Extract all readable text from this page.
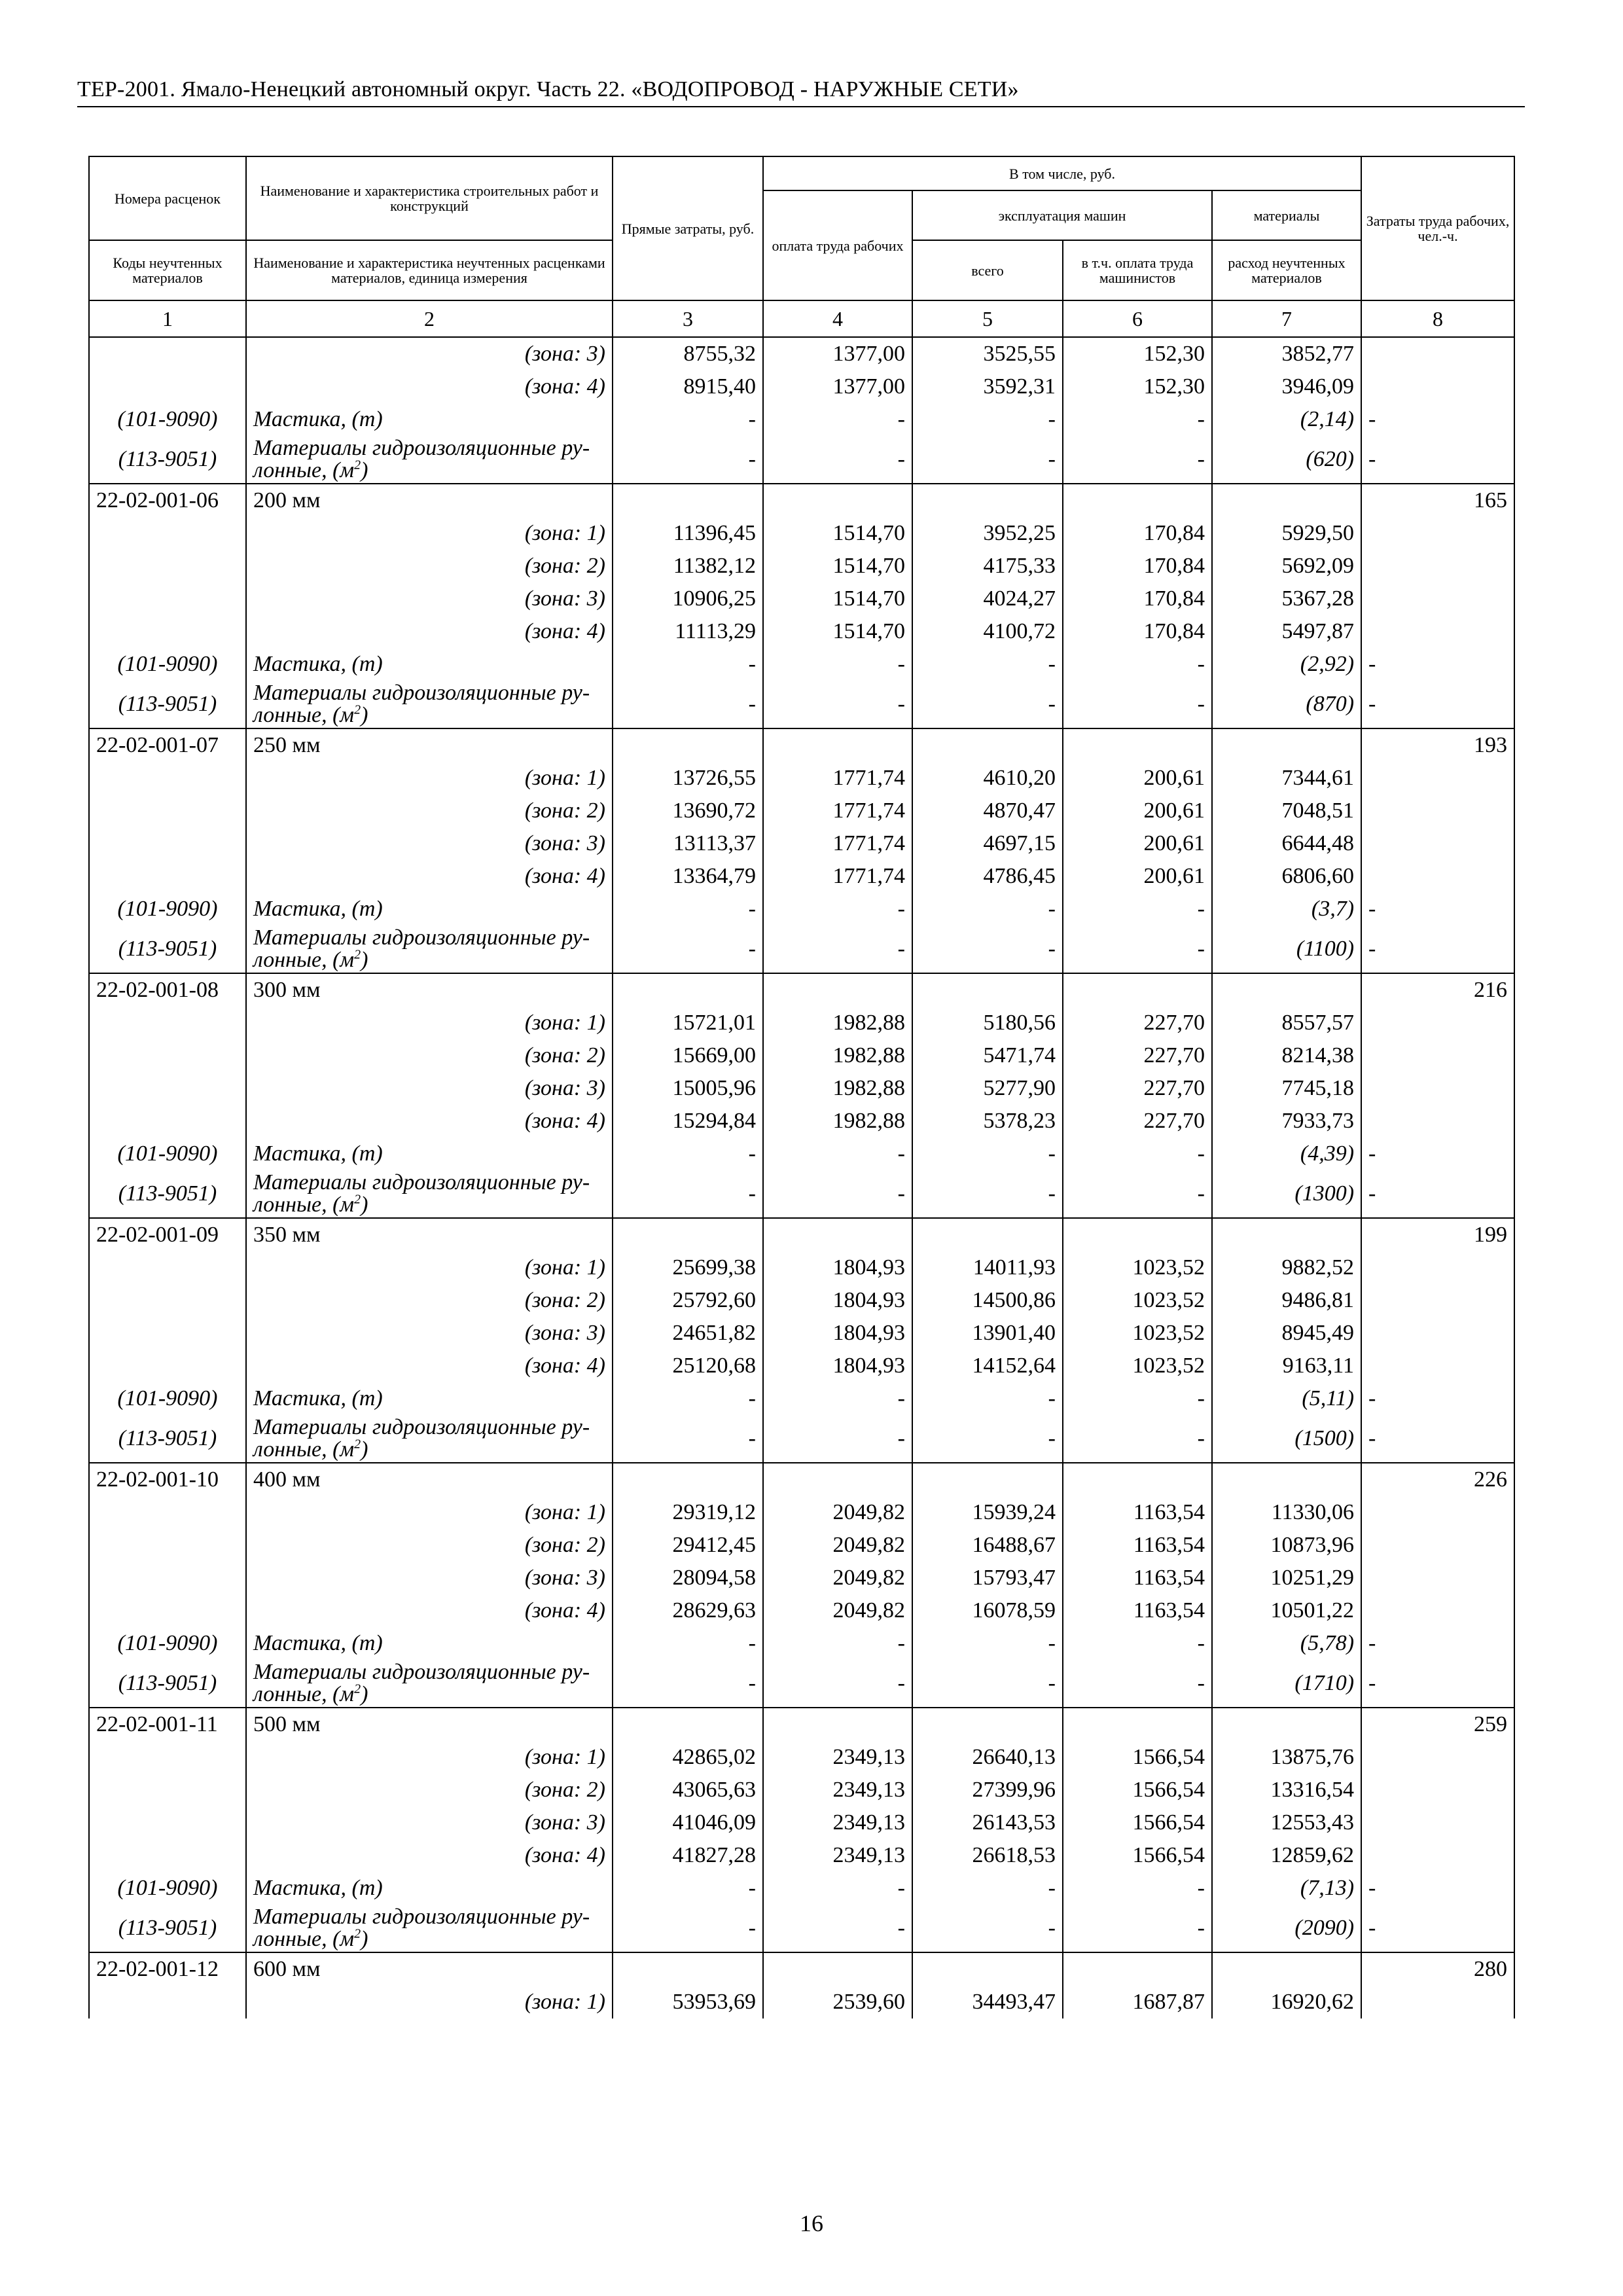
ТЕР-2001. Ямало-Ненецкий автономный округ. Часть 22. «ВОДОПРОВОД - НАРУЖНЫЕ СЕТИ»
Номера расценок	Наименование и характеристика строительных работ и конструкций	Прямые затраты, руб.	В том числе, руб.				Затраты труда рабочих, чел.-ч.
			оплата труда рабочих	эксплуатация машин		материалы	
Коды неучтенных материалов	Наименование и характеристика неучтенных расценками материалов, единица измерения			всего	в т.ч. оплата труда машинистов	расход неучтенных материалов	
1	2	3	4	5	6	7	8
	(зона: 3)	8755,32	1377,00	3525,55	152,30	3852,77	
	(зона: 4)	8915,40	1377,00	3592,31	152,30	3946,09	
(101-9090)	Мастика, (т)	-	-	-	-	(2,14)	-
(113-9051)	Материалы гидроизоляционные ру-
лонные, $(м^2)$	-	-	-	-	(620)	-
22-02-001-06	200 мм						165
	(зона: 1)	11396,45	1514,70	3952,25	170,84	5929,50	
	(зона: 2)	11382,12	1514,70	4175,33	170,84	5692,09	
	(зона: 3)	10906,25	1514,70	4024,27	170,84	5367,28	
	(зона: 4)	11113,29	1514,70	4100,72	170,84	5497,87	
(101-9090)	Мастика, (т)	-	-	-	-	(2,92)	-
(113-9051)	Материалы гидроизоляционные ру-
лонные, $(м^2)$	-	-	-	-	(870)	-
22-02-001-07	250 мм						193
	(зона: 1)	13726,55	1771,74	4610,20	200,61	7344,61	
	(зона: 2)	13690,72	1771,74	4870,47	200,61	7048,51	
	(зона: 3)	13113,37	1771,74	4697,15	200,61	6644,48	
	(зона: 4)	13364,79	1771,74	4786,45	200,61	6806,60	
(101-9090)	Мастика, (т)	-	-	-	-	(3,7)	-
(113-9051)	Материалы гидроизоляционные ру-
лонные, $(м^2)$	-	-	-	-	(1100)	-
22-02-001-08	300 мм						216
	(зона: 1)	15721,01	1982,88	5180,56	227,70	8557,57	
	(зона: 2)	15669,00	1982,88	5471,74	227,70	8214,38	
	(зона: 3)	15005,96	1982,88	5277,90	227,70	7745,18	
	(зона: 4)	15294,84	1982,88	5378,23	227,70	7933,73	
(101-9090)	Мастика, (т)	-	-	-	-	(4,39)	-
(113-9051)	Материалы гидроизоляционные ру-
лонные, $(м^2)$	-	-	-	-	(1300)	-
22-02-001-09	350 мм						199
	(зона: 1)	25699,38	1804,93	14011,93	1023,52	9882,52	
	(зона: 2)	25792,60	1804,93	14500,86	1023,52	9486,81	
	(зона: 3)	24651,82	1804,93	13901,40	1023,52	8945,49	
	(зона: 4)	25120,68	1804,93	14152,64	1023,52	9163,11	
(101-9090)	Мастика, (т)	-	-	-	-	(5,11)	-
(113-9051)	Материалы гидроизоляционные ру-
лонные, $(м^2)$	-	-	-	-	(1500)	-
22-02-001-10	400 мм						226
	(зона: 1)	29319,12	2049,82	15939,24	1163,54	11330,06	
	(зона: 2)	29412,45	2049,82	16488,67	1163,54	10873,96	
	(зона: 3)	28094,58	2049,82	15793,47	1163,54	10251,29	
	(зона: 4)	28629,63	2049,82	16078,59	1163,54	10501,22	
(101-9090)	Мастика, (т)	-	-	-	-	(5,78)	-
(113-9051)	Материалы гидроизоляционные ру-
лонные, $(м^2)$	-	-	-	-	(1710)	-
22-02-001-11	500 мм						259
	(зона: 1)	42865,02	2349,13	26640,13	1566,54	13875,76	
	(зона: 2)	43065,63	2349,13	27399,96	1566,54	13316,54	
	(зона: 3)	41046,09	2349,13	26143,53	1566,54	12553,43	
	(зона: 4)	41827,28	2349,13	26618,53	1566,54	12859,62	
(101-9090)	Мастика, (т)	-	-	-	-	(7,13)	-
(113-9051)	Материалы гидроизоляционные ру-
лонные, $(м^2)$	-	-	-	-	(2090)	-
22-02-001-12	600 мм						280
	(зона: 1)	53953,69	2539,60	34493,47	1687,87	16920,62	
16
